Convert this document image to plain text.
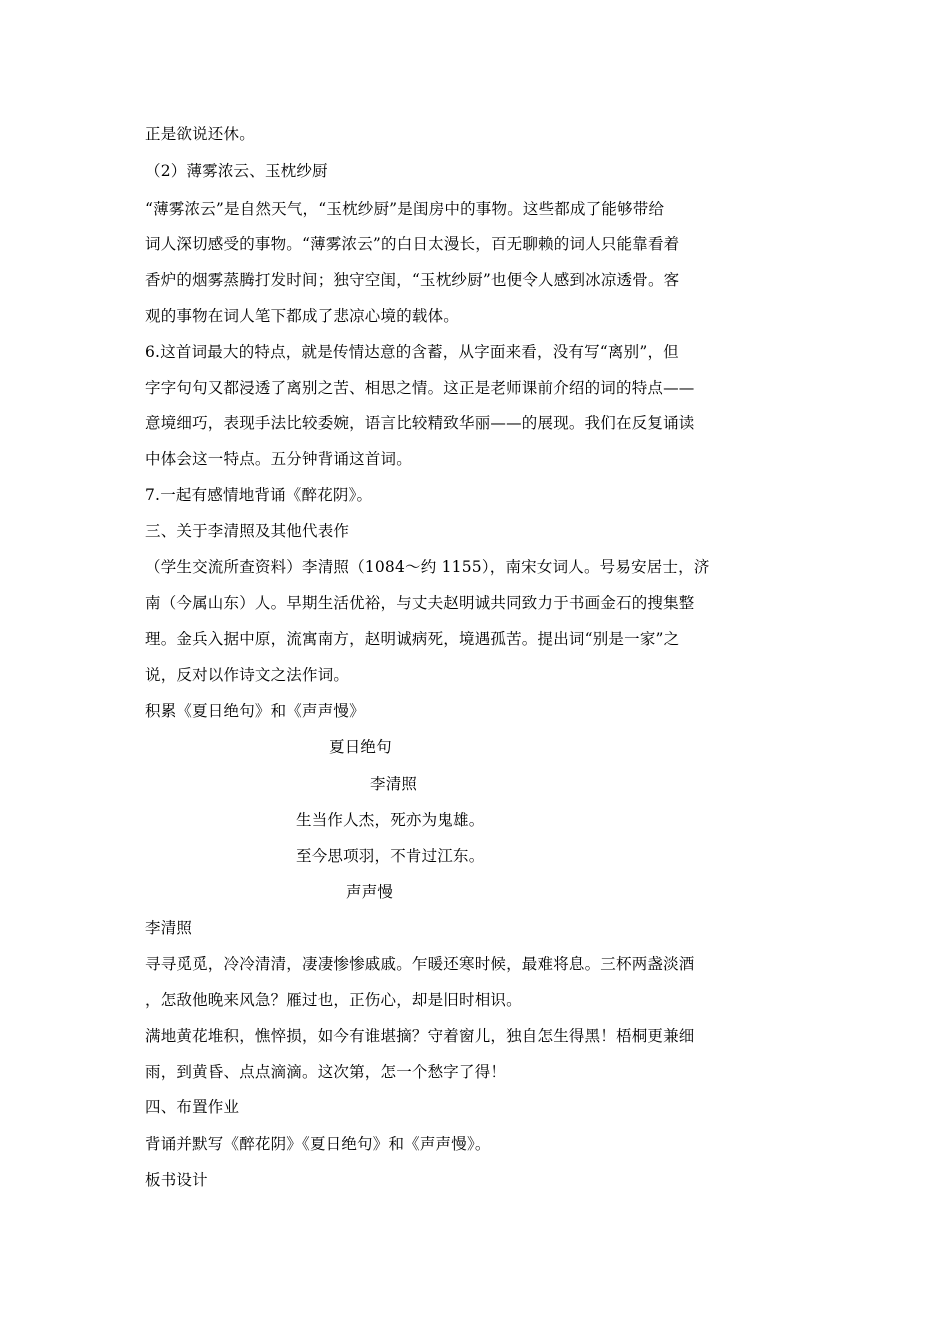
正是欲说还休。
（2）薄雾浓云、玉枕纱厨
“薄雾浓云”是自然天气，“玉枕纱厨”是闺房中的事物。这些都成了能够带给
词人深切感受的事物。“薄雾浓云”的白日太漫长，百无聊赖的词人只能靠看着
香炉的烟雾蒸腾打发时间；独守空闺，“玉枕纱厨”也便令人感到冰凉透骨。客
观的事物在词人笔下都成了悲凉心境的载体。
6.这首词最大的特点，就是传情达意的含蓄，从字面来看，没有写“离别”，但
字字句句又都浸透了离别之苦、相思之情。这正是老师课前介绍的词的特点——
意境细巧，表现手法比较委婉，语言比较精致华丽——的展现。我们在反复诵读
中体会这一特点。五分钟背诵这首词。
7.一起有感情地背诵《醉花阴》。
三、关于李清照及其他代表作
（学生交流所查资料）李清照（1084～约 1155），南宋女词人。号易安居士，济
南（今属山东）人。早期生活优裕，与丈夫赵明诚共同致力于书画金石的搜集整
理。金兵入据中原，流寓南方，赵明诚病死，境遇孤苦。提出词“别是一家”之
说，反对以作诗文之法作词。
积累《夏日绝句》和《声声慢》
夏日绝句
李清照
生当作人杰，死亦为鬼雄。
至今思项羽，不肯过江东。
声声慢
李清照
寻寻觅觅，冷冷清清，凄凄惨惨戚戚。乍暖还寒时候，最难将息。三杯两盏淡酒
，怎敌他晚来风急？雁过也，正伤心，却是旧时相识。
满地黄花堆积，憔悴损，如今有谁堪摘？守着窗儿，独自怎生得黑！梧桐更兼细
雨，到黄昏、点点滴滴。这次第，怎一个愁字了得！
四、布置作业
背诵并默写《醉花阴》《夏日绝句》和《声声慢》。
板书设计
